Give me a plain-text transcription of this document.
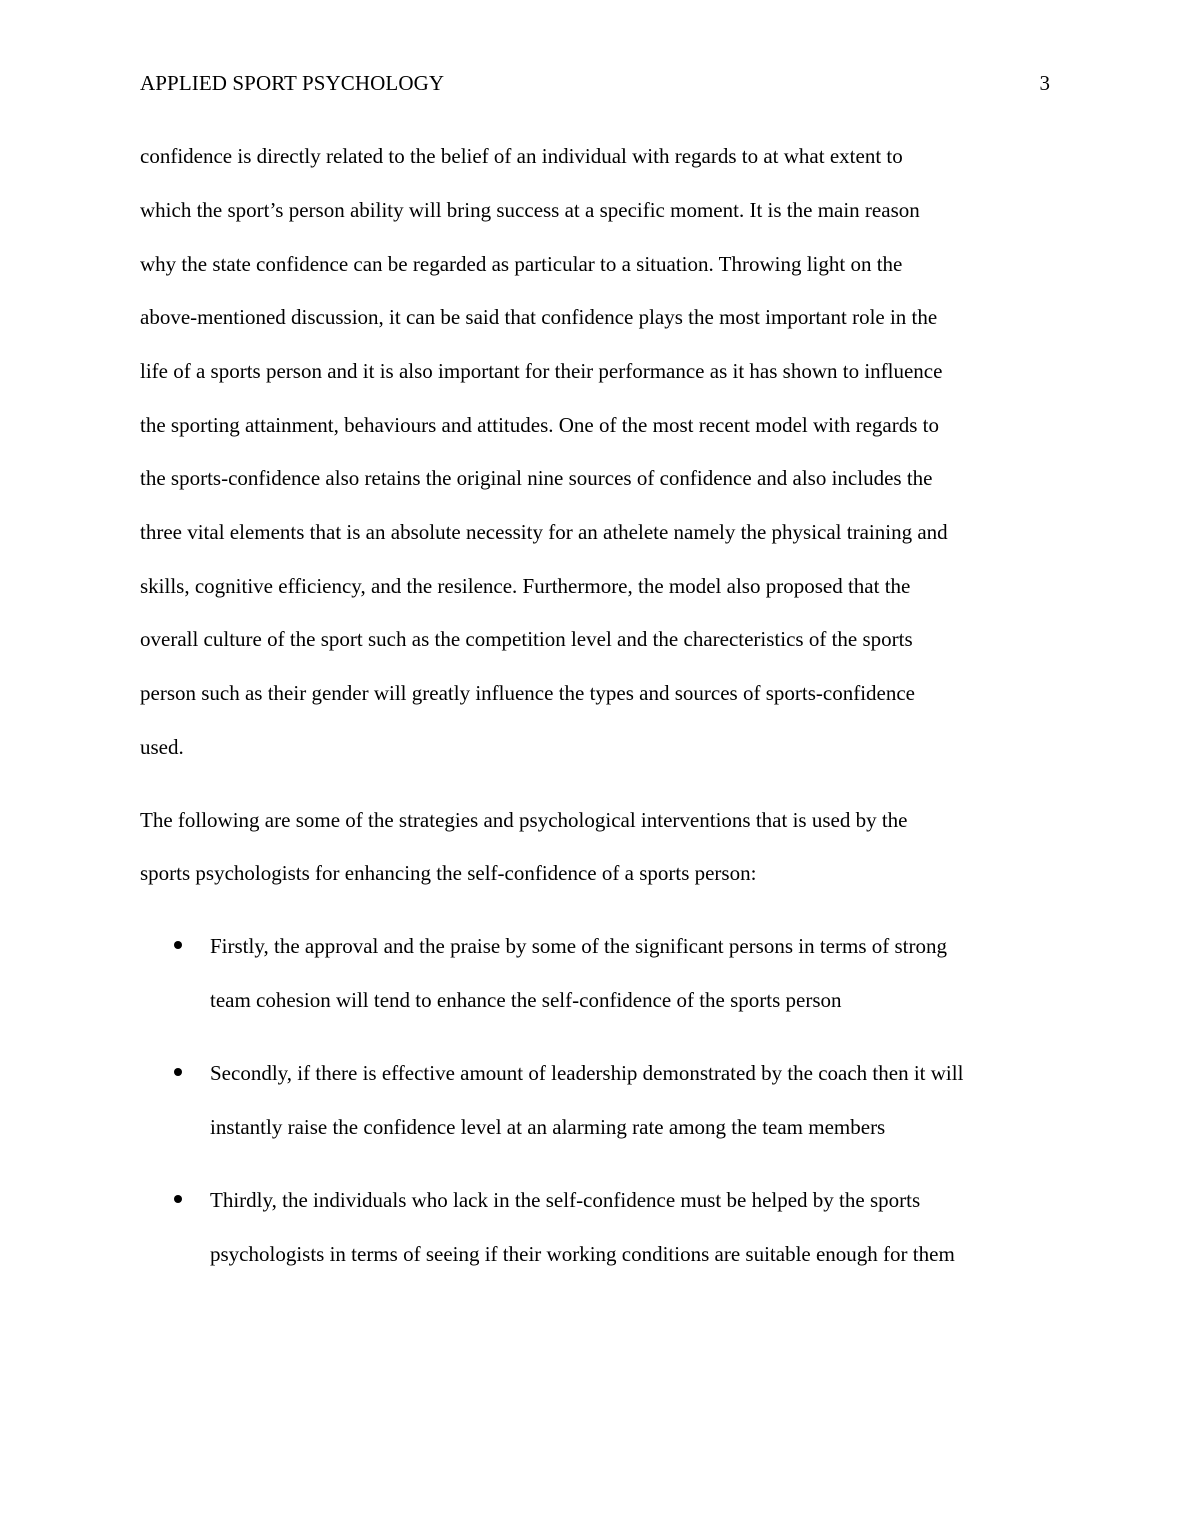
APPLIED SPORT PSYCHOLOGY	3
confidence is directly related to the belief of an individual with regards to at what extent to
which the sport’s person ability will bring success at a specific moment. It is the main reason
why the state confidence can be regarded as particular to a situation. Throwing light on the
above-mentioned discussion, it can be said that confidence plays the most important role in the
life of a sports person and it is also important for their performance as it has shown to influence
the sporting attainment, behaviours and attitudes. One of the most recent model with regards to
the sports-confidence also retains the original nine sources of confidence and also includes the
three vital elements that is an absolute necessity for an athelete namely the physical training and
skills, cognitive efficiency, and the resilence. Furthermore, the model also proposed that the
overall culture of the sport such as the competition level and the charecteristics of the sports
person such as their gender will greatly influence the types and sources of sports-confidence
used.
The following are some of the strategies and psychological interventions that is used by the
sports psychologists for enhancing the self-confidence of a sports person:
Firstly, the approval and the praise by some of the significant persons in terms of strong
team cohesion will tend to enhance the self-confidence of the sports person
Secondly, if there is effective amount of leadership demonstrated by the coach then it will
instantly raise the confidence level at an alarming rate among the team members
Thirdly, the individuals who lack in the self-confidence must be helped by the sports
psychologists in terms of seeing if their working conditions are suitable enough for them
